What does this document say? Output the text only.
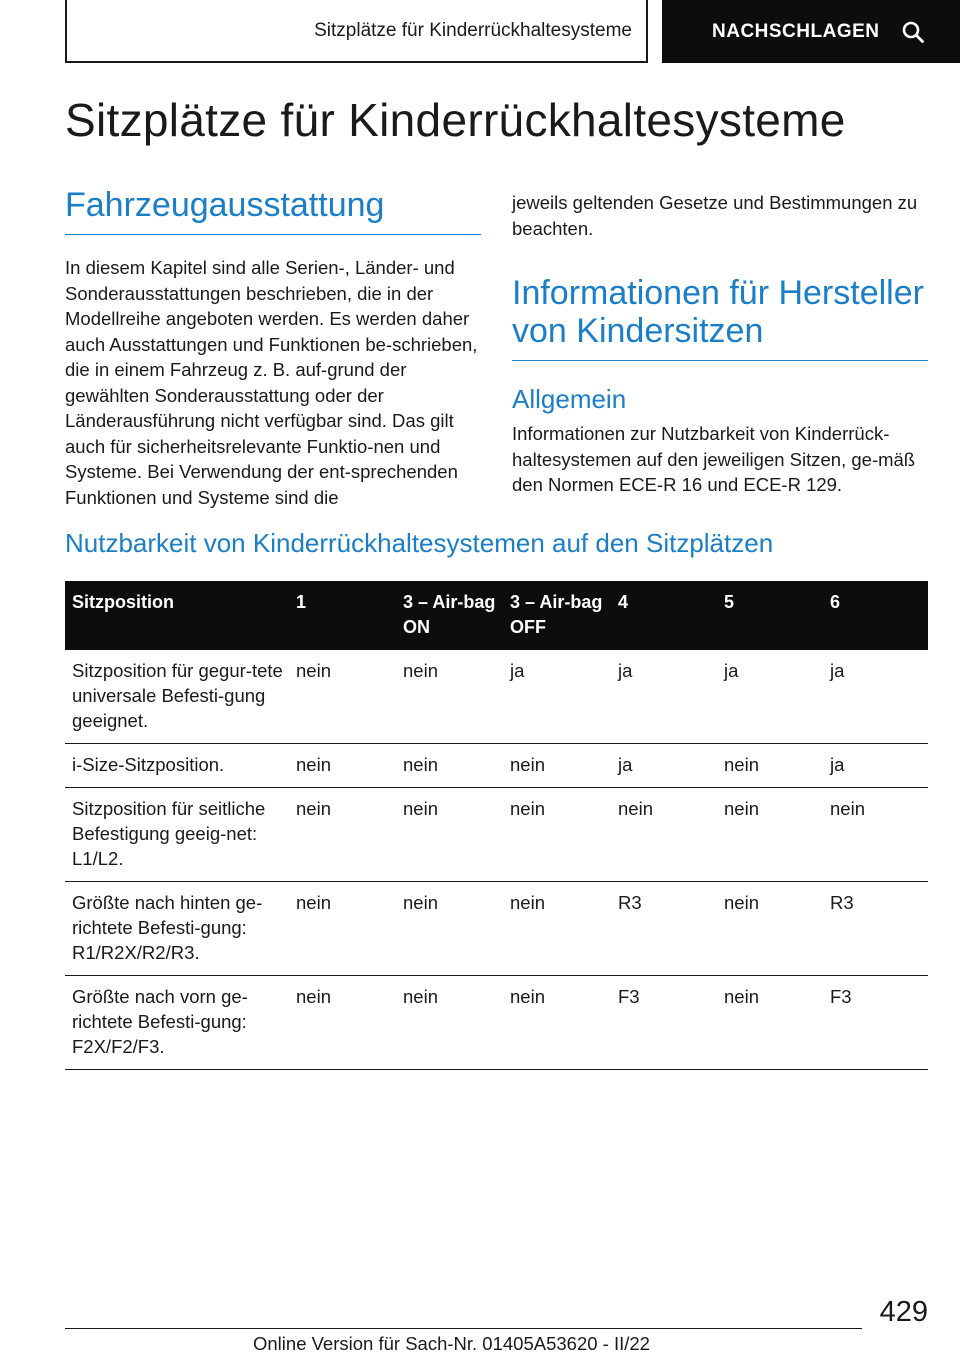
Sitzplätze für Kinderrückhaltesysteme	NACHSCHLAGEN
Sitzplätze für Kinderrückhaltesysteme
Fahrzeugausstattung

In diesem Kapitel sind alle Serien-, Länder- und Sonderausstattungen beschrieben, die in der Modellreihe angeboten werden. Es werden daher auch Ausstattungen und Funktionen be‐schrieben, die in einem Fahrzeug z. B. auf‐grund der gewählten Sonderausstattung oder der Länderausführung nicht verfügbar sind. Das gilt auch für sicherheitsrelevante Funktio‐nen und Systeme. Bei Verwendung der ent‐sprechenden Funktionen und Systeme sind die

jeweils geltenden Gesetze und Bestimmungen zu beachten.

Informationen für Hersteller von Kindersitzen
Allgemein

Informationen zur Nutzbarkeit von Kinderrück‐haltesystemen auf den jeweiligen Sitzen, ge‐mäß den Normen ECE-R 16 und ECE-R 129.

Nutzbarkeit von Kinderrückhaltesystemen auf den Sitzplätzen
Sitzposition	1	3 – Air‐bag ON	3 – Air‐bag OFF	4	5	6
Sitzposition für gegur‐tete universale Befesti‐gung geeignet.	nein	nein	ja	ja	ja	ja
i-Size-Sitzposition.	nein	nein	nein	ja	nein	ja
Sitzposition für seitliche Befestigung geeig‐net: L1/L2.	nein	nein	nein	nein	nein	nein
Größte nach hinten ge‐richtete Befesti‐gung: R1/R2X/R2/R3.	nein	nein	nein	R3	nein	R3
Größte nach vorn ge‐richtete Befesti‐gung: F2X/F2/F3.	nein	nein	nein	F3	nein	F3
429
Online Version für Sach-Nr. 01405A53620 - II/22
